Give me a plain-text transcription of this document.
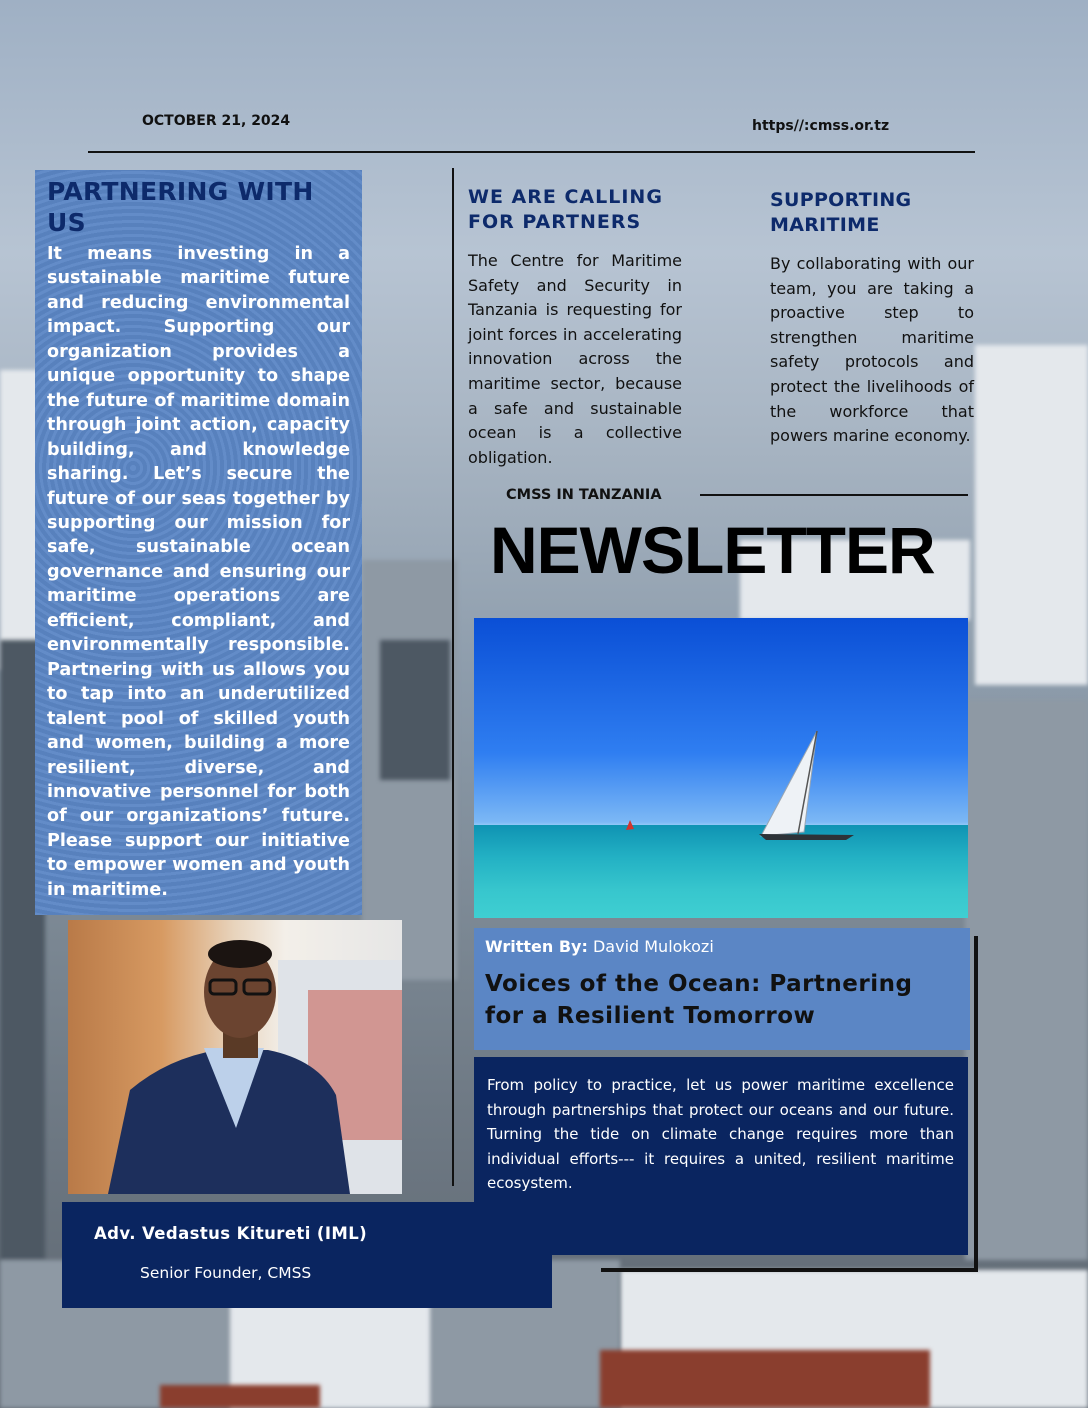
OCTOBER 21, 2024	https//:cmss.or.tz
PARTNERING WITH US

It means investing in a sustainable maritime future and reducing environmental impact. Supporting our organization provides a unique opportunity to shape the future of maritime domain through joint action, capacity building, and knowledge sharing. Let’s secure the future of our seas together by supporting our mission for safe, sustainable ocean governance and ensuring our maritime operations are efficient, compliant, and environmentally responsible. Partnering with us allows you to tap into an underutilized talent pool of skilled youth and women, building a more resilient, diverse, and innovative personnel for both of our organizations’ future. Please support our initiative to empower women and youth in maritime.

WE ARE CALLING FOR PARTNERS
The Centre for Maritime Safety and Security in Tanzania is requesting for joint forces in accelerating innovation across the maritime sector, because a safe and sustainable ocean is a collective obligation.
SUPPORTING MARITIME
By collaborating with our team, you are taking a proactive step to strengthen maritime safety protocols and protect the livelihoods of the workforce that powers marine economy.
CMSS IN TANZANIA
NEWSLETTER
Written By: David Mulokozi
Voices of the Ocean: Partnering for a Resilient Tomorrow

From policy to practice, let us power maritime excellence through partnerships that protect our oceans and our future. Turning the tide on climate change requires more than individual efforts--- it requires a united, resilient maritime ecosystem.

Adv. Vedastus Kitureti (IML)
Senior Founder, CMSS
